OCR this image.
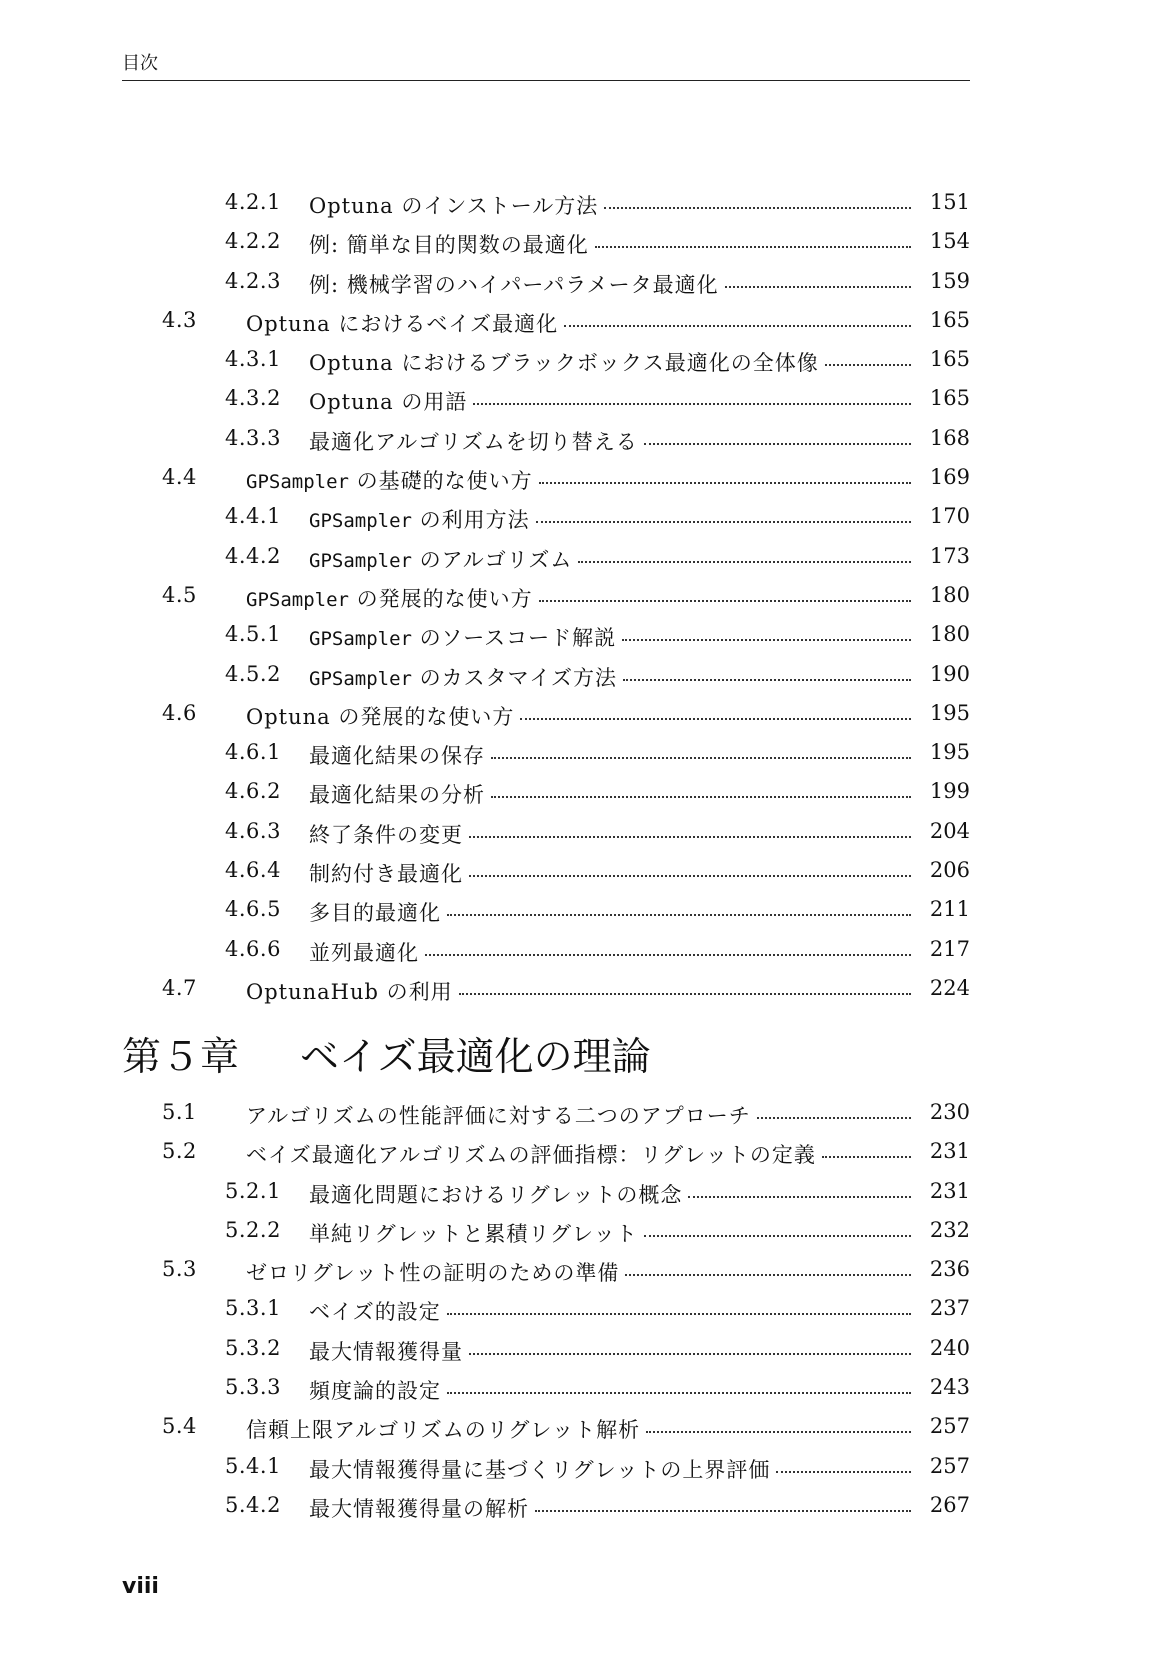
目次
4.2.1 Optuna のインストール方法	151
4.2.2 例: 簡単な目的関数の最適化	154
4.2.3 例: 機械学習のハイパーパラメータ最適化	159
4.3 Optuna におけるベイズ最適化	165
4.3.1 Optuna におけるブラックボックス最適化の全体像	165
4.3.2 Optuna の用語	165
4.3.3 最適化アルゴリズムを切り替える	168
4.4	GPSampler の基礎的な使い方	169
4.4.1 GPSampler の利用方法	170
4.4.2 GPSampler のアルゴリズム	173
4.5	GPSampler の発展的な使い方	180
4.5.1 GPSampler のソースコード解説	180
4.5.2 GPSampler のカスタマイズ方法	190
4.6 Optuna の発展的な使い方	195
4.6.1 最適化結果の保存	195
4.6.2 最適化結果の分析	199
4.6.3 終了条件の変更	204
4.6.4 制約付き最適化	206
4.6.5 多目的最適化	211
4.6.6 並列最適化	217
4.7 OptunaHub の利用	224
第５章 ベイズ最適化の理論
5.1 アルゴリズムの性能評価に対する二つのアプローチ	230
5.2 ベイズ最適化アルゴリズムの評価指標：リグレットの定義	231
5.2.1 最適化問題におけるリグレットの概念	231
5.2.2 単純リグレットと累積リグレット	232
5.3 ゼロリグレット性の証明のための準備	236
5.3.1 ベイズ的設定	237
5.3.2 最大情報獲得量	240
5.3.3 頻度論的設定	243
5.4 信頼上限アルゴリズムのリグレット解析	257
5.4.1 最大情報獲得量に基づくリグレットの上界評価	257
5.4.2 最大情報獲得量の解析	267
viii
